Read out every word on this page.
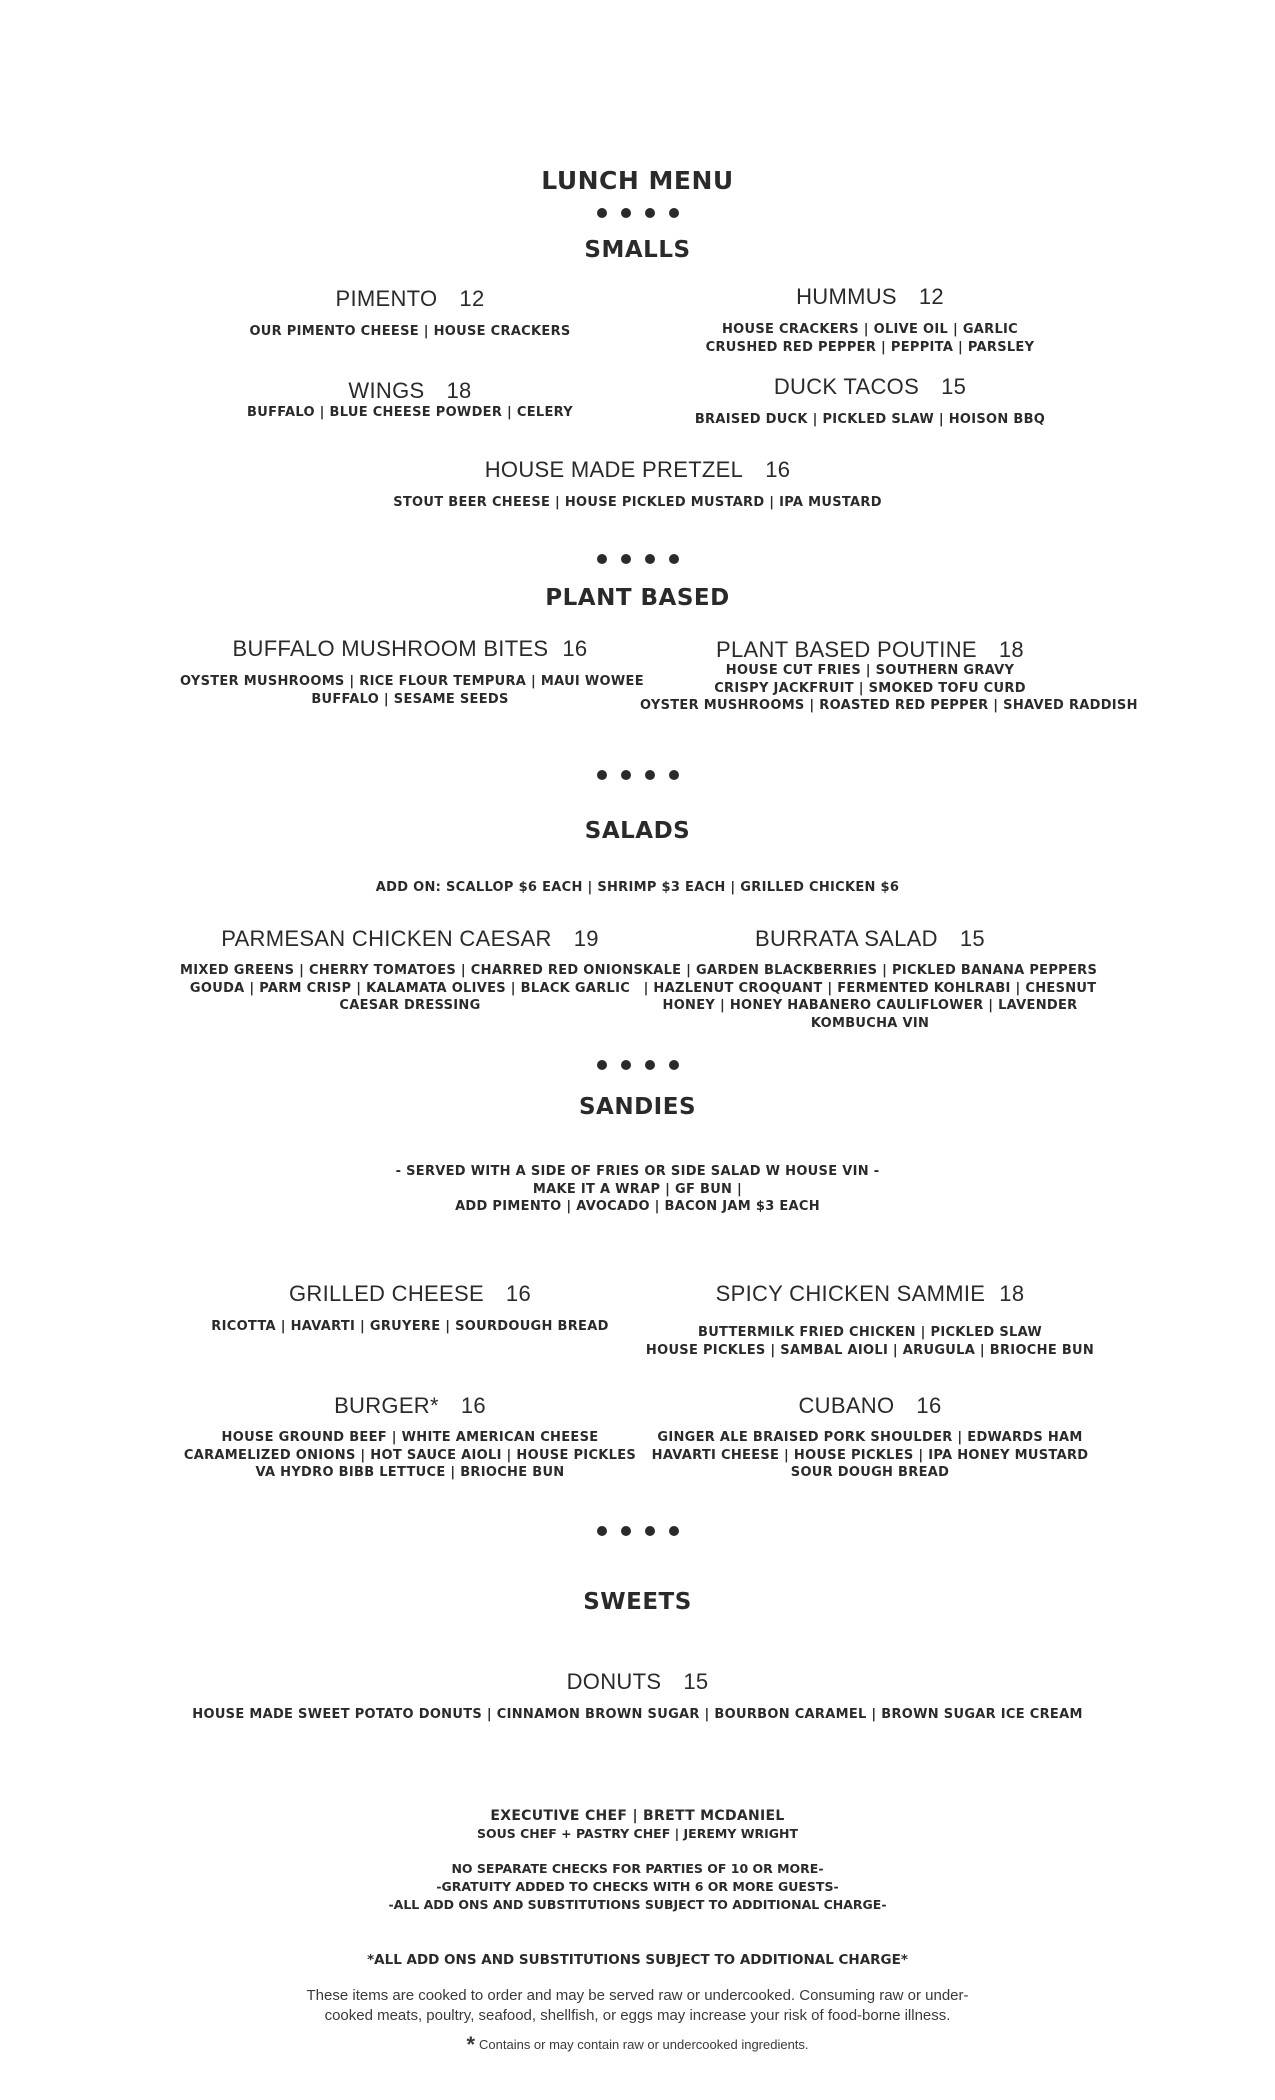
LUNCH MENU
SMALLS
PIMENTO 12
OUR PIMENTO CHEESE | HOUSE CRACKERS
HUMMUS 12
HOUSE CRACKERS | OLIVE OIL | GARLIC
CRUSHED RED PEPPER | PEPPITA | PARSLEY
WINGS 18
BUFFALO | BLUE CHEESE POWDER | CELERY
DUCK TACOS 15
BRAISED DUCK | PICKLED SLAW | HOISON BBQ
HOUSE MADE PRETZEL 16
STOUT BEER CHEESE | HOUSE PICKLED MUSTARD | IPA MUSTARD
PLANT BASED
BUFFALO MUSHROOM BITES 16
OYSTER MUSHROOMS | RICE FLOUR TEMPURA | MAUI WOWEE
BUFFALO | SESAME SEEDS
PLANT BASED POUTINE 18
HOUSE CUT FRIES | SOUTHERN GRAVY
CRISPY JACKFRUIT | SMOKED TOFU CURD
OYSTER MUSHROOMS | ROASTED RED PEPPER | SHAVED RADDISH
SALADS
ADD ON: SCALLOP $6 EACH | SHRIMP $3 EACH | GRILLED CHICKEN $6
PARMESAN CHICKEN CAESAR 19
MIXED GREENS | CHERRY TOMATOES | CHARRED RED ONIONS
GOUDA | PARM CRISP | KALAMATA OLIVES | BLACK GARLIC
CAESAR DRESSING
BURRATA SALAD 15
KALE | GARDEN BLACKBERRIES | PICKLED BANANA PEPPERS
| HAZLENUT CROQUANT | FERMENTED KOHLRABI | CHESNUT
HONEY | HONEY HABANERO CAULIFLOWER | LAVENDER
KOMBUCHA VIN
SANDIES
- SERVED WITH A SIDE OF FRIES OR SIDE SALAD W HOUSE VIN -
MAKE IT A WRAP | GF BUN |
ADD PIMENTO | AVOCADO | BACON JAM $3 EACH
GRILLED CHEESE 16
RICOTTA | HAVARTI | GRUYERE | SOURDOUGH BREAD
SPICY CHICKEN SAMMIE 18
BUTTERMILK FRIED CHICKEN | PICKLED SLAW
HOUSE PICKLES | SAMBAL AIOLI | ARUGULA | BRIOCHE BUN
BURGER* 16
HOUSE GROUND BEEF | WHITE AMERICAN CHEESE
CARAMELIZED ONIONS | HOT SAUCE AIOLI | HOUSE PICKLES
VA HYDRO BIBB LETTUCE | BRIOCHE BUN
CUBANO 16
GINGER ALE BRAISED PORK SHOULDER | EDWARDS HAM
HAVARTI CHEESE | HOUSE PICKLES | IPA HONEY MUSTARD
SOUR DOUGH BREAD
SWEETS
DONUTS 15
HOUSE MADE SWEET POTATO DONUTS | CINNAMON BROWN SUGAR | BOURBON CARAMEL | BROWN SUGAR ICE CREAM
EXECUTIVE CHEF | BRETT MCDANIEL
SOUS CHEF + PASTRY CHEF | JEREMY WRIGHT
NO SEPARATE CHECKS FOR PARTIES OF 10 OR MORE-
-GRATUITY ADDED TO CHECKS WITH 6 OR MORE GUESTS-
-ALL ADD ONS AND SUBSTITUTIONS SUBJECT TO ADDITIONAL CHARGE-
*ALL ADD ONS AND SUBSTITUTIONS SUBJECT TO ADDITIONAL CHARGE*
These items are cooked to order and may be served raw or undercooked. Consuming raw or under-
cooked meats, poultry, seafood, shellfish, or eggs may increase your risk of food-borne illness.
* Contains or may contain raw or undercooked ingredients.
